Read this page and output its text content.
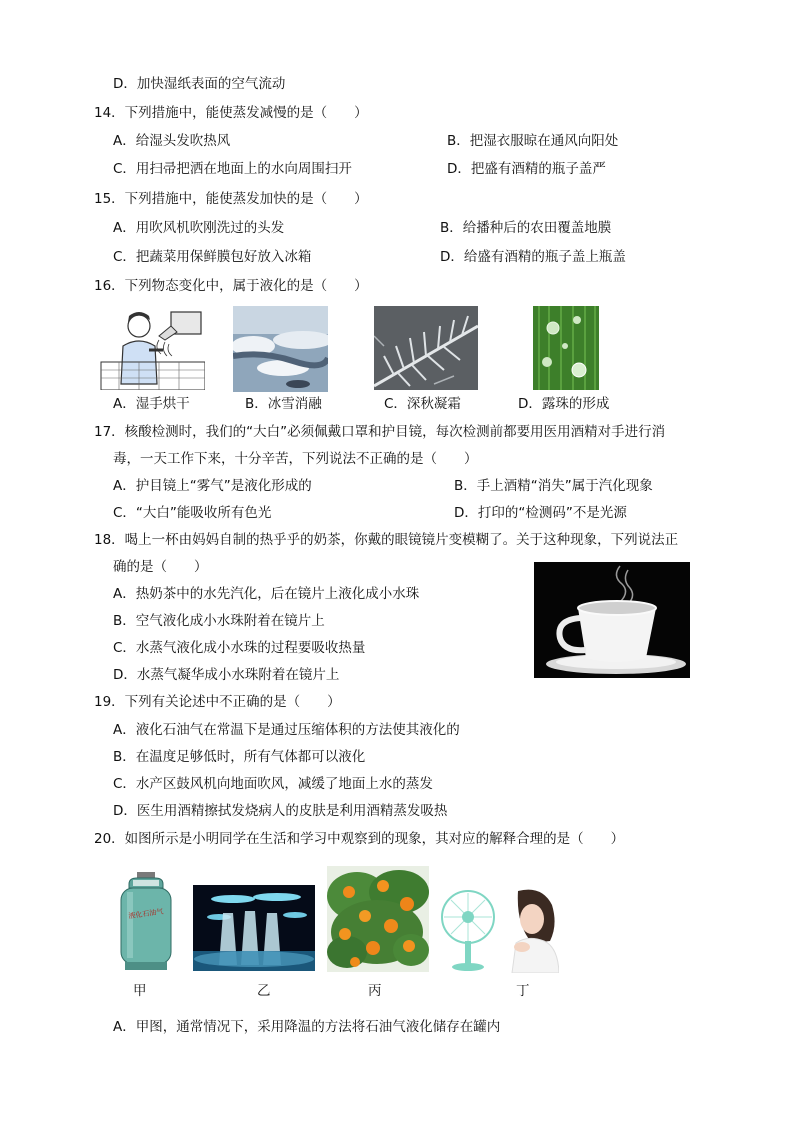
D．加快湿纸表面的空气流动
14．下列措施中，能使蒸发减慢的是（　　）
A．给湿头发吹热风	B．把湿衣服晾在通风向阳处
C．用扫帚把洒在地面上的水向周围扫开	D．把盛有酒精的瓶子盖严
15．下列措施中，能使蒸发加快的是（　　）
A．用吹风机吹刚洗过的头发	B．给播种后的农田覆盖地膜
C．把蔬菜用保鲜膜包好放入冰箱	D．给盛有酒精的瓶子盖上瓶盖
16．下列物态变化中，属于液化的是（　　）
A．湿手烘干	B．冰雪消融	C．深秋凝霜	D．露珠的形成
17．核酸检测时，我们的“大白”必须佩戴口罩和护目镜，每次检测前都要用医用酒精对手进行消
毒，一天工作下来，十分辛苦，下列说法不正确的是（　　）
A．护目镜上“雾气”是液化形成的	B．手上酒精“消失”属于汽化现象
C．“大白”能吸收所有色光	D．打印的“检测码”不是光源
18．喝上一杯由妈妈自制的热乎乎的奶茶，你戴的眼镜镜片变模糊了。关于这种现象，下列说法正
确的是（　　）
A．热奶茶中的水先汽化，后在镜片上液化成小水珠
B．空气液化成小水珠附着在镜片上
C．水蒸气液化成小水珠的过程要吸收热量
D．水蒸气凝华成小水珠附着在镜片上
19．下列有关论述中不正确的是（　　）
A．液化石油气在常温下是通过压缩体积的方法使其液化的
B．在温度足够低时，所有气体都可以液化
C．水产区鼓风机向地面吹风，减缓了地面上水的蒸发
D．医生用酒精擦拭发烧病人的皮肤是利用酒精蒸发吸热
20．如图所示是小明同学在生活和学习中观察到的现象，其对应的解释合理的是（　　）
液化石油气
甲	乙	丙	丁
A．甲图，通常情况下，采用降温的方法将石油气液化储存在罐内
